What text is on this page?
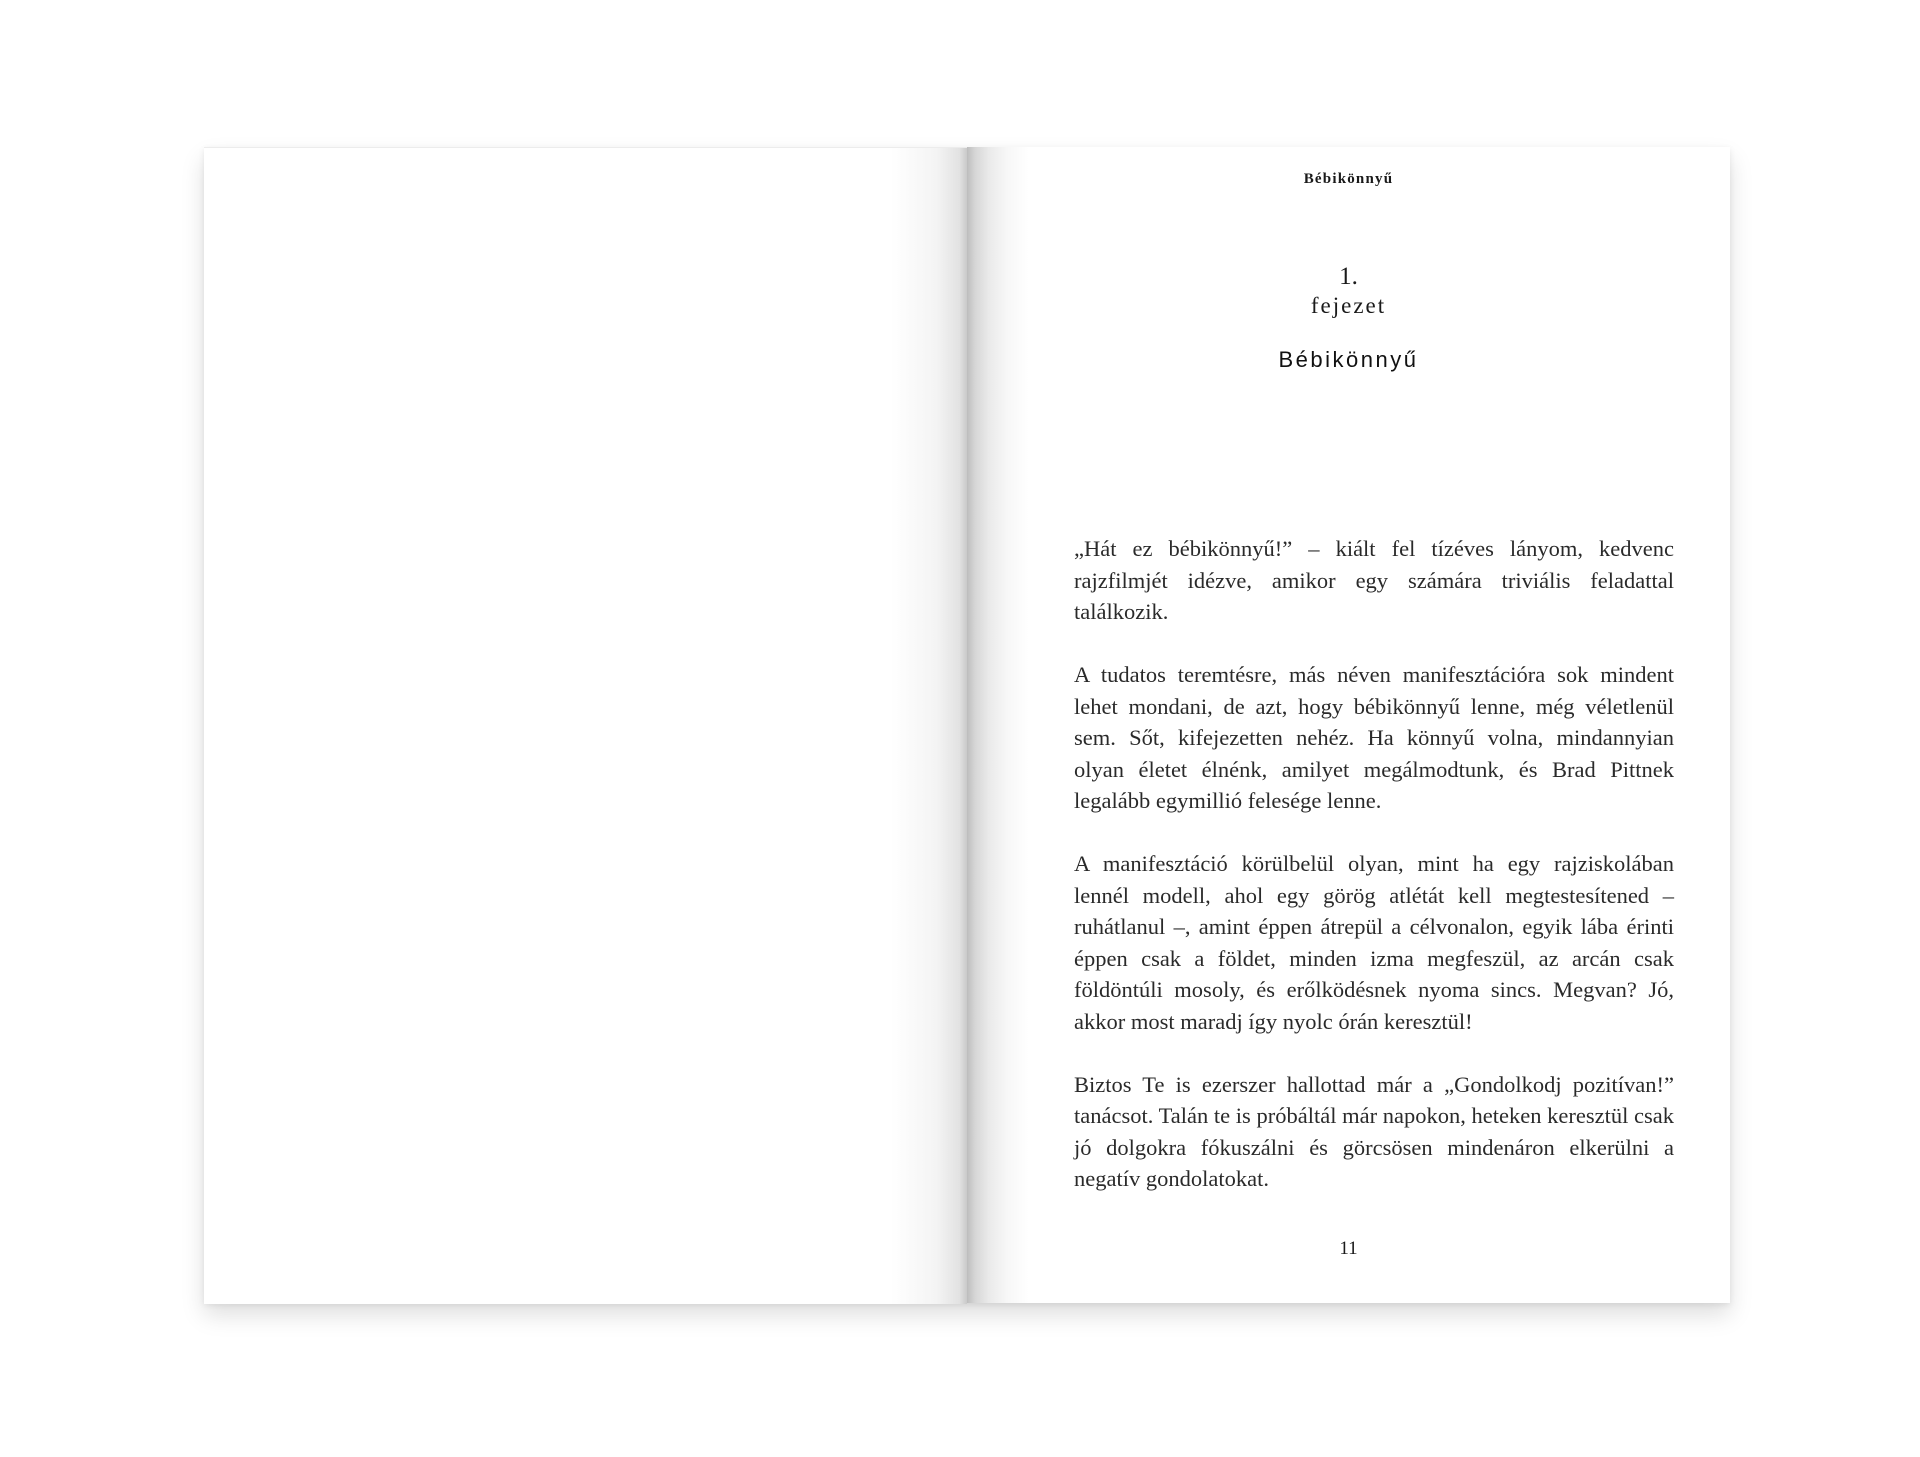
Bébikönnyű
1.
fejezet
Bébikönnyű

„Hát ez bébikönnyű!” – kiált fel tízéves lányom, kedvenc rajzfilmjét idézve, amikor egy számára triviális feladattal találkozik.

A tudatos teremtésre, más néven manifesztációra sok mindent lehet mondani, de azt, hogy bébikönnyű lenne, még véletlenül sem. Sőt, kifejezetten nehéz. Ha könnyű volna, mindannyian olyan életet élnénk, amilyet megálmodtunk, és Brad Pittnek legalább egymillió felesége lenne.

A manifesztáció körülbelül olyan, mint ha egy rajziskolában lennél modell, ahol egy görög atlétát kell megtestesítened – ruhátlanul –, amint éppen átrepül a célvonalon, egyik lába érinti éppen csak a földet, minden izma megfeszül, az arcán csak földöntúli mosoly, és erőlködésnek nyoma sincs. Megvan? Jó, akkor most maradj így nyolc órán keresztül!

Biztos Te is ezerszer hallottad már a „Gondolkodj pozitívan!” tanácsot. Talán te is próbáltál már napokon, heteken keresztül csak jó dolgokra fókuszálni és görcsösen mindenáron elkerülni a negatív gondolatokat.

11
